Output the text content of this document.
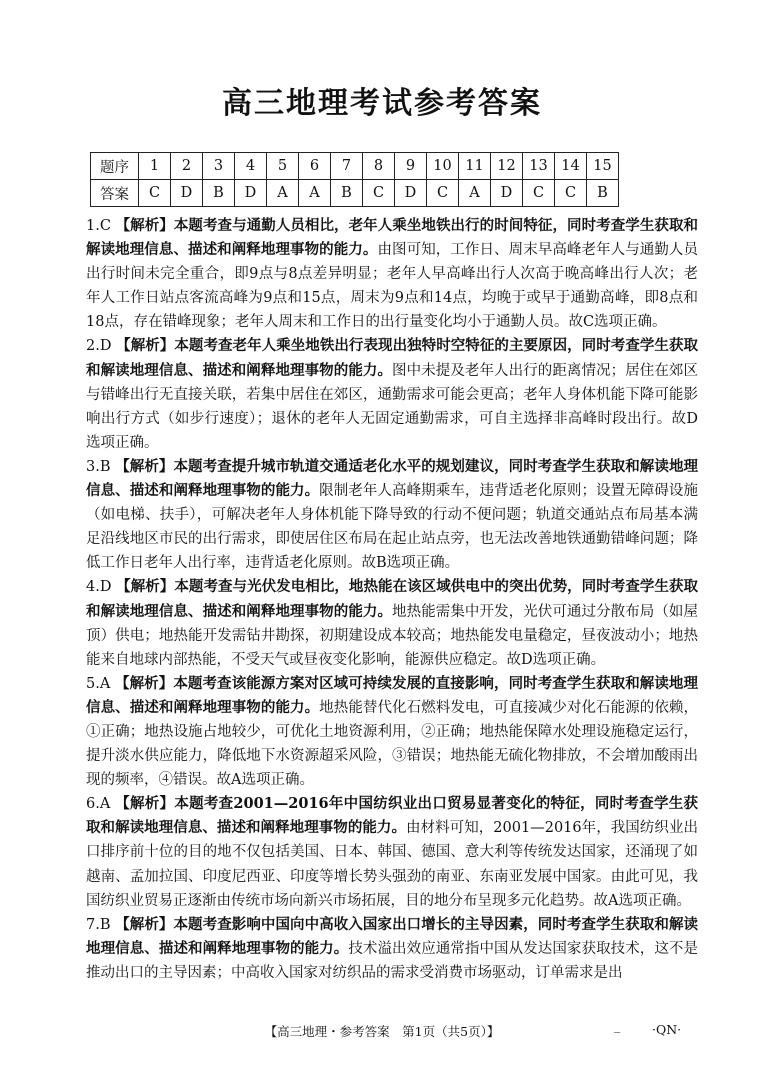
高三地理考试参考答案
题序	1	2	3	4	5	6	7	8	9	10	11	12	13	14	15
答案	C	D	B	D	A	A	B	C	D	C	A	D	C	C	B

1.C 【解析】本题考查与通勤人员相比，老年人乘坐地铁出行的时间特征，同时考查学生获取和解读地理信息、描述和阐释地理事物的能力。由图可知，工作日、周末早高峰老年人与通勤人员出行时间未完全重合，即9点与8点差异明显；老年人早高峰出行人次高于晚高峰出行人次；老年人工作日站点客流高峰为9点和15点，周末为9点和14点，均晚于或早于通勤高峰，即8点和18点，存在错峰现象；老年人周末和工作日的出行量变化均小于通勤人员。故C选项正确。

2.D 【解析】本题考查老年人乘坐地铁出行表现出独特时空特征的主要原因，同时考查学生获取和解读地理信息、描述和阐释地理事物的能力。图中未提及老年人出行的距离情况；居住在郊区与错峰出行无直接关联，若集中居住在郊区，通勤需求可能会更高；老年人身体机能下降可能影响出行方式（如步行速度）；退休的老年人无固定通勤需求，可自主选择非高峰时段出行。故D选项正确。

3.B 【解析】本题考查提升城市轨道交通适老化水平的规划建议，同时考查学生获取和解读地理信息、描述和阐释地理事物的能力。限制老年人高峰期乘车，违背适老化原则；设置无障碍设施（如电梯、扶手），可解决老年人身体机能下降导致的行动不便问题；轨道交通站点布局基本满足沿线地区市民的出行需求，即使居住区布局在起止站点旁，也无法改善地铁通勤错峰问题；降低工作日老年人出行率，违背适老化原则。故B选项正确。

4.D 【解析】本题考查与光伏发电相比，地热能在该区域供电中的突出优势，同时考查学生获取和解读地理信息、描述和阐释地理事物的能力。地热能需集中开发，光伏可通过分散布局（如屋顶）供电；地热能开发需钻井勘探，初期建设成本较高；地热能发电量稳定，昼夜波动小；地热能来自地球内部热能，不受天气或昼夜变化影响，能源供应稳定。故D选项正确。

5.A 【解析】本题考查该能源方案对区域可持续发展的直接影响，同时考查学生获取和解读地理信息、描述和阐释地理事物的能力。地热能替代化石燃料发电，可直接减少对化石能源的依赖，①正确；地热设施占地较少，可优化土地资源利用，②正确；地热能保障水处理设施稳定运行，提升淡水供应能力，降低地下水资源超采风险，③错误；地热能无硫化物排放，不会增加酸雨出现的频率，④错误。故A选项正确。

6.A 【解析】本题考查2001—2016年中国纺织业出口贸易显著变化的特征，同时考查学生获取和解读地理信息、描述和阐释地理事物的能力。由材料可知，2001—2016年，我国纺织业出口排序前十位的目的地不仅包括美国、日本、韩国、德国、意大利等传统发达国家，还涌现了如越南、孟加拉国、印度尼西亚、印度等增长势头强劲的南亚、东南亚发展中国家。由此可见，我国纺织业贸易正逐渐由传统市场向新兴市场拓展，目的地分布呈现多元化趋势。故A选项正确。

7.B 【解析】本题考查影响中国向中高收入国家出口增长的主导因素，同时考查学生获取和解读地理信息、描述和阐释地理事物的能力。技术溢出效应通常指中国从发达国家获取技术，这不是推动出口的主导因素；中高收入国家对纺织品的需求受消费市场驱动，订单需求是出

【高三地理・参考答案　第1页（共5页）】	_	·QN·
